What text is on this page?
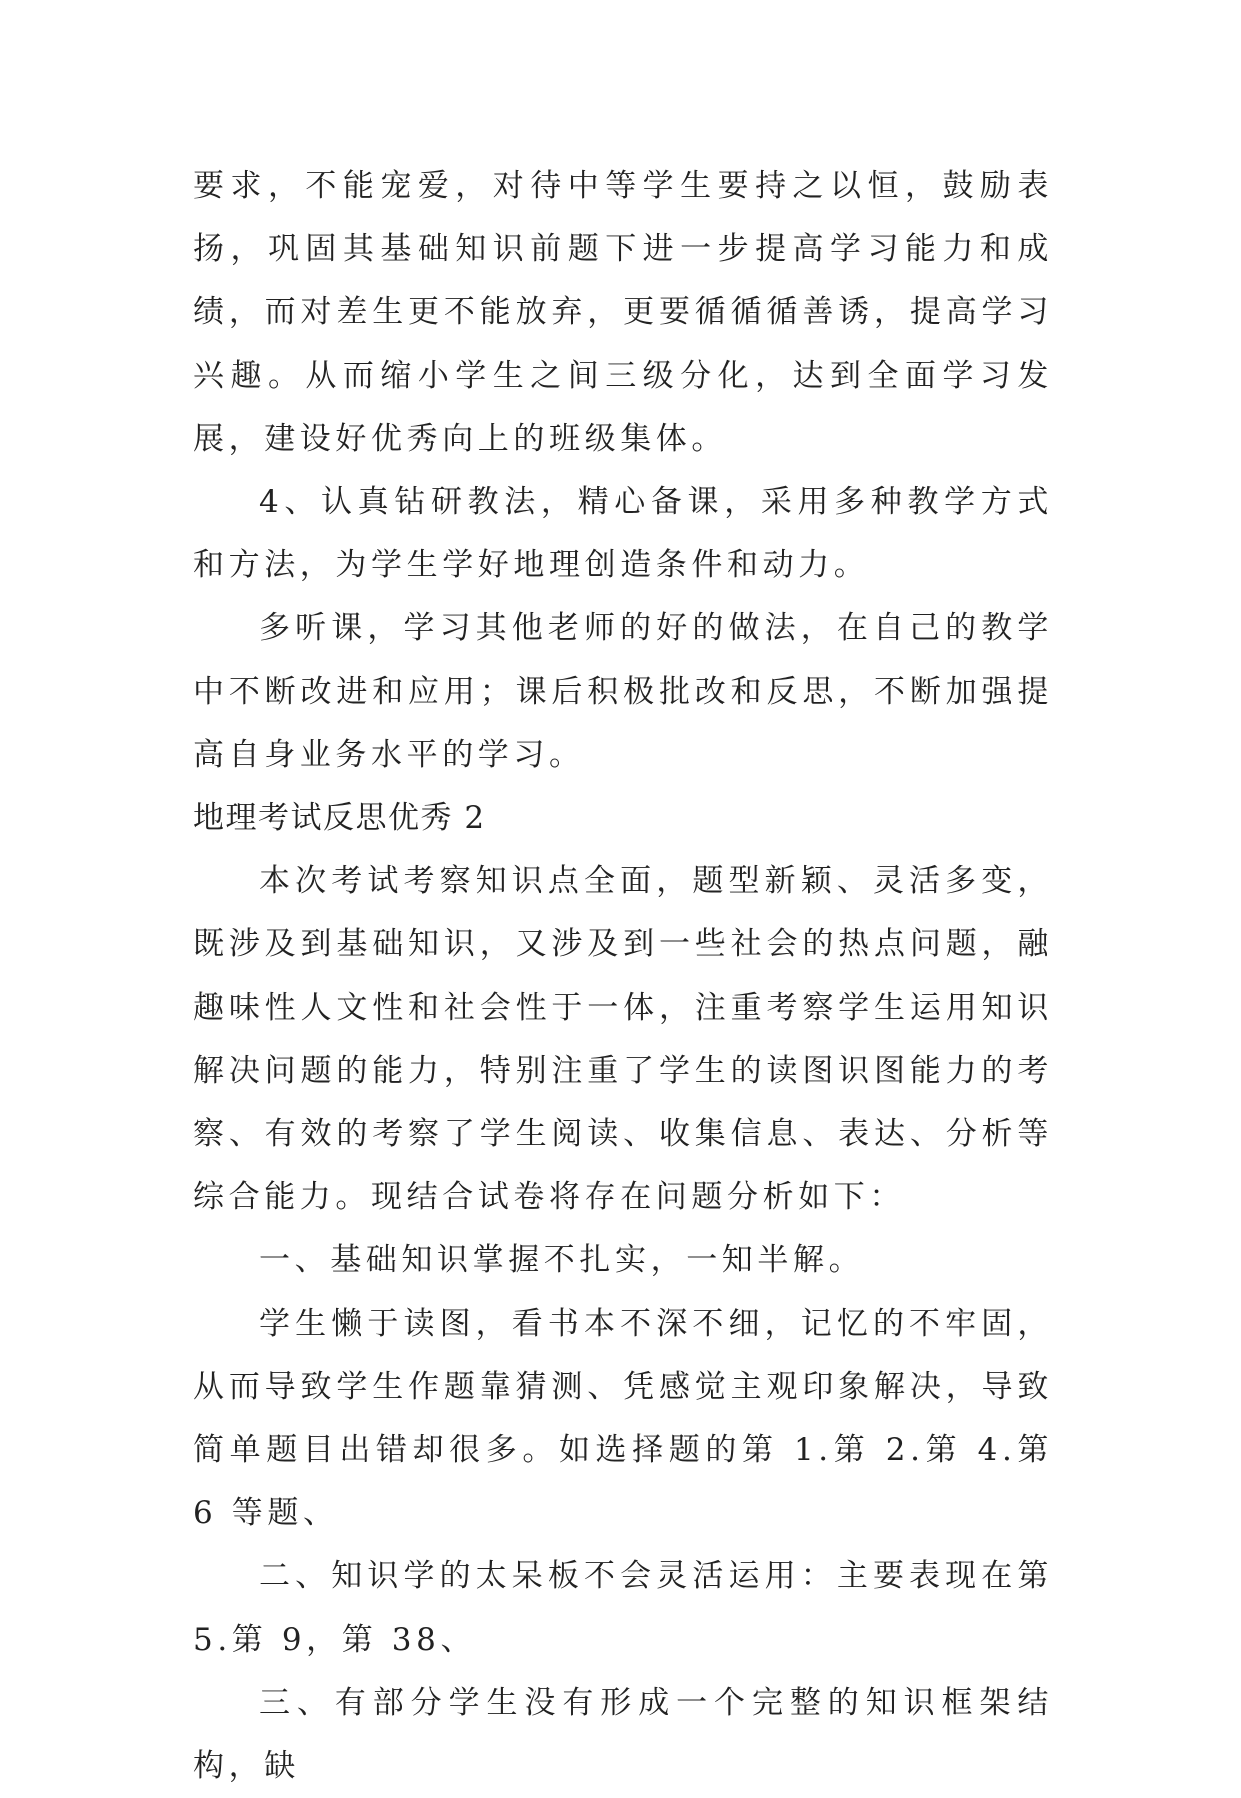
要求，不能宠爱，对待中等学生要持之以恒，鼓励表扬，巩固其基础知识前题下进一步提高学习能力和成绩，而对差生更不能放弃，更要循循循善诱，提高学习兴趣。从而缩小学生之间三级分化，达到全面学习发展，建设好优秀向上的班级集体。

4、认真钻研教法，精心备课，采用多种教学方式和方法，为学生学好地理创造条件和动力。

多听课，学习其他老师的好的做法，在自己的教学中不断改进和应用；课后积极批改和反思，不断加强提高自身业务水平的学习。

地理考试反思优秀 2

本次考试考察知识点全面，题型新颖、灵活多变，既涉及到基础知识，又涉及到一些社会的热点问题，融趣味性人文性和社会性于一体，注重考察学生运用知识解决问题的能力，特别注重了学生的读图识图能力的考察、有效的考察了学生阅读、收集信息、表达、分析等综合能力。现结合试卷将存在问题分析如下：

一、基础知识掌握不扎实，一知半解。

学生懒于读图，看书本不深不细，记忆的不牢固，从而导致学生作题靠猜测、凭感觉主观印象解决，导致简单题目出错却很多。如选择题的第 1.第 2.第 4.第 6 等题、

二、知识学的太呆板不会灵活运用：主要表现在第 5.第 9，第 38、

三、有部分学生没有形成一个完整的知识框架结构，缺
